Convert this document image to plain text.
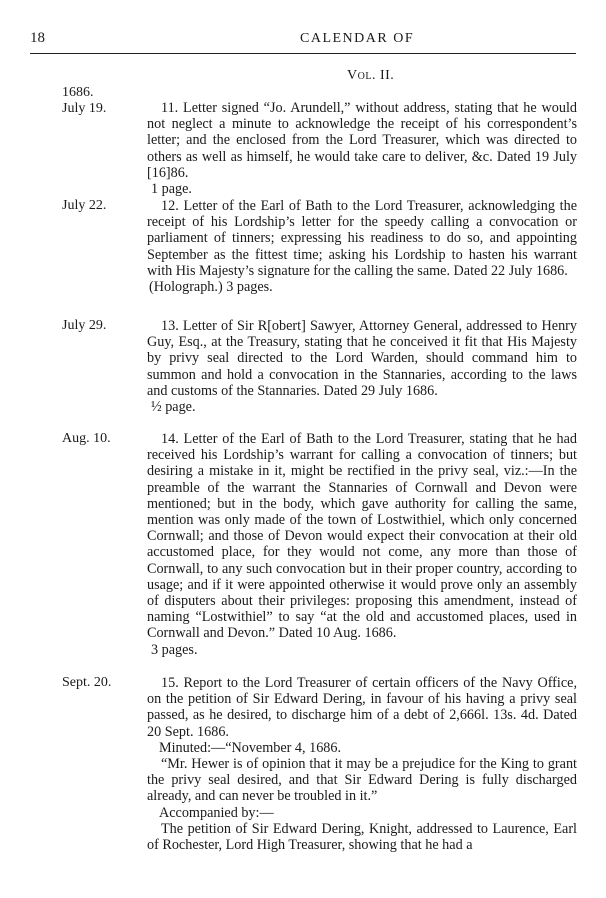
18	CALENDAR OF
Vol. II.
1686.
July 19.	11. Letter signed “Jo. Arundell,” without address, stating that he would not neglect a minute to acknowledge the receipt of his correspondent’s letter; and the enclosed from the Lord Treasurer, which was directed to others as well as himself, he would take care to deliver, &c. Dated 19 July [16]86.

1 page.

July 22.	12. Letter of the Earl of Bath to the Lord Treasurer, acknowledging the receipt of his Lordship’s letter for the speedy calling a convocation or parliament of tinners; expressing his readiness to do so, and appointing September as the fittest time; asking his Lordship to hasten his warrant with His Majesty’s signature for the calling the same. Dated 22 July 1686.

(Holograph.) 3 pages.

July 29.	13. Letter of Sir R[obert] Sawyer, Attorney General, addressed to Henry Guy, Esq., at the Treasury, stating that he conceived it fit that His Majesty by privy seal directed to the Lord Warden, should command him to summon and hold a convocation in the Stannaries, according to the laws and customs of the Stannaries. Dated 29 July 1686.

½ page.

Aug. 10.	14. Letter of the Earl of Bath to the Lord Treasurer, stating that he had received his Lordship’s warrant for calling a convocation of tinners; but desiring a mistake in it, might be rectified in the privy seal, viz.:—In the preamble of the warrant the Stannaries of Cornwall and Devon were mentioned; but in the body, which gave authority for calling the same, mention was only made of the town of Lostwithiel, which only concerned Cornwall; and those of Devon would expect their convocation at their old accustomed place, for they would not come, any more than those of Cornwall, to any such convocation but in their proper country, according to usage; and if it were appointed otherwise it would prove only an assembly of disputers about their privileges: proposing this amendment, instead of naming “Lostwithiel” to say “at the old and accustomed places, used in Cornwall and Devon.” Dated 10 Aug. 1686.

3 pages.

Sept. 20.	15. Report to the Lord Treasurer of certain officers of the Navy Office, on the petition of Sir Edward Dering, in favour of his having a privy seal passed, as he desired, to discharge him of a debt of 2,666l. 13s. 4d. Dated 20 Sept. 1686.

Minuted:—“November 4, 1686.

“Mr. Hewer is of opinion that it may be a prejudice for the King to grant the privy seal desired, and that Sir Edward Dering is fully discharged already, and can never be troubled in it.”

Accompanied by:—

The petition of Sir Edward Dering, Knight, addressed to Laurence, Earl of Rochester, Lord High Treasurer, showing that he had a
